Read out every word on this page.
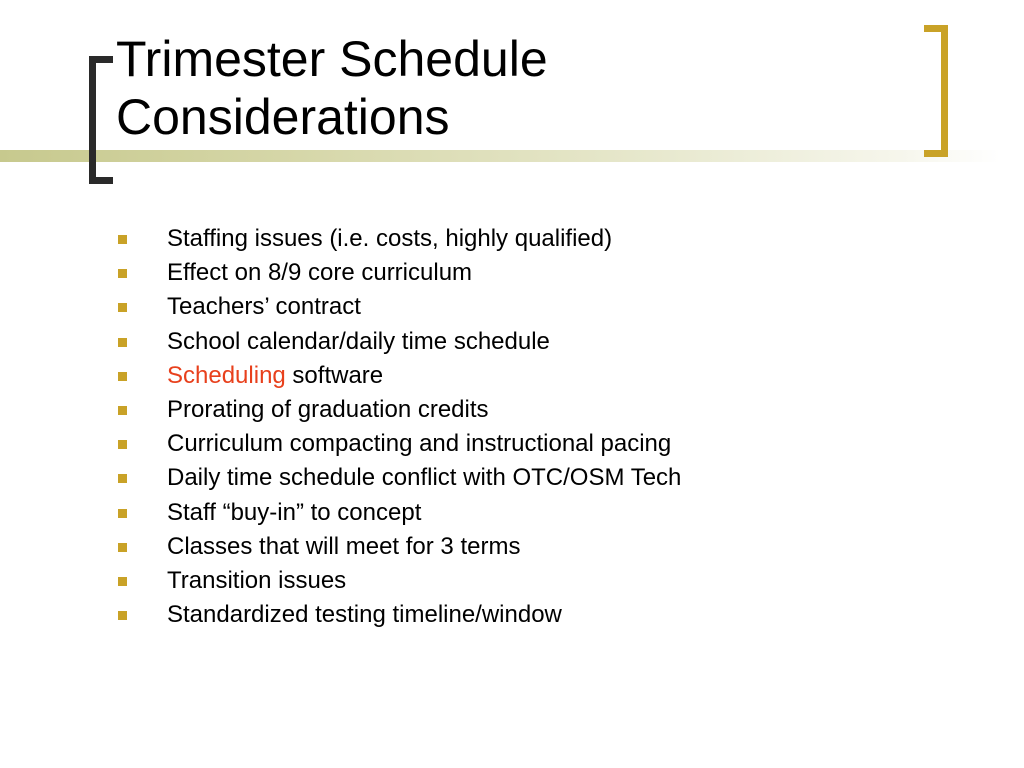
Trimester Schedule
Considerations
Staffing issues (i.e. costs, highly qualified)
Effect on 8/9 core curriculum
Teachers’ contract
School calendar/daily time schedule
Scheduling software
Prorating of graduation credits
Curriculum compacting and instructional pacing
Daily time schedule conflict with OTC/OSM Tech
Staff “buy-in” to concept
Classes that will meet for 3 terms
Transition issues
Standardized testing timeline/window
